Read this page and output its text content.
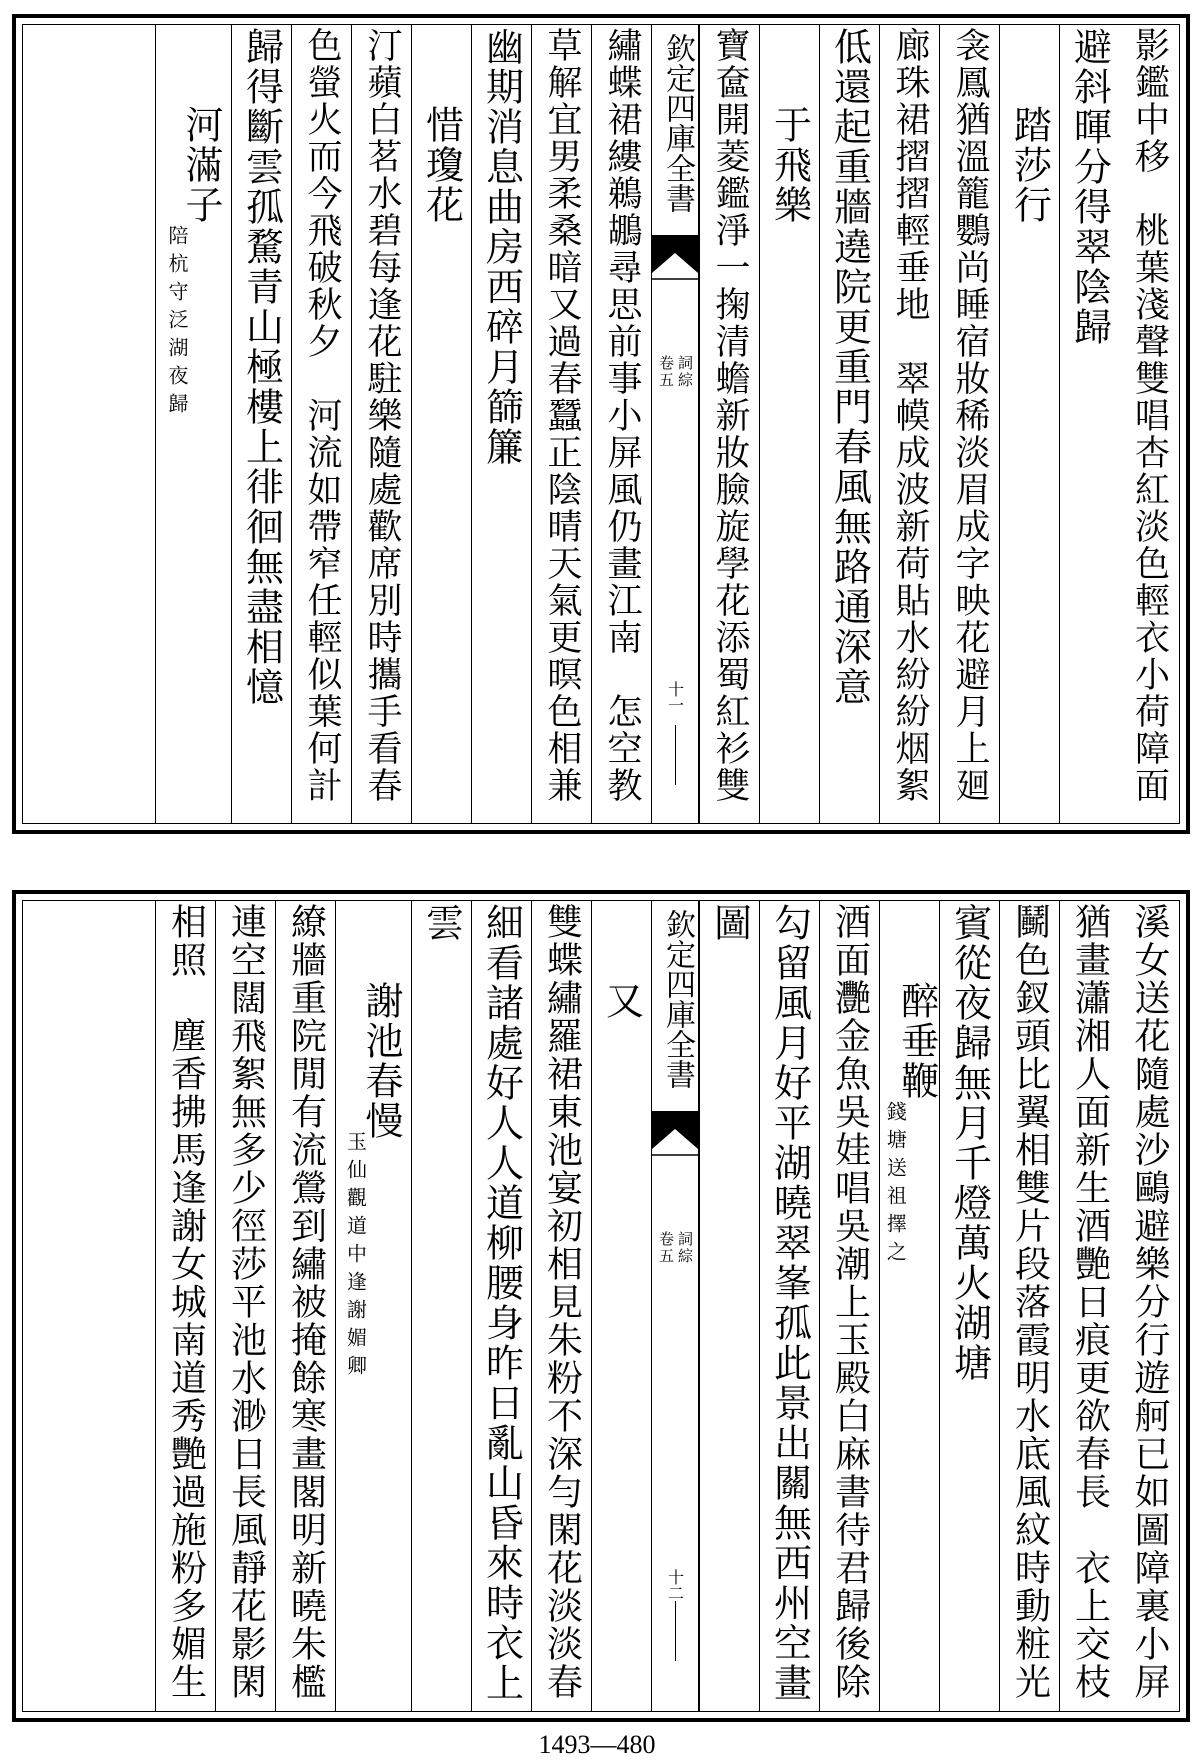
影鑑中移　桃葉淺聲雙唱杏紅淡色輕衣小荷障面
避斜暉分得翠陰歸
踏莎行
衾鳳猶溫籠鸚尚睡宿妝稀淡眉成字映花避月上廻
廊珠裙摺摺輕垂地　翠幙成波新荷貼水紛紛烟絮
低還起重牆遶院更重門春風無路通深意
于飛樂
寶奩開菱鑑淨一掬清蟾新妝臉旋學花添蜀紅衫雙
欽定四庫全書
詞綜
卷五
十一
繡蝶裙縷鵜鶘尋思前事小屏風仍畫江南　怎空教
草解宜男柔桑暗又過春蠶正陰晴天氣更暝色相兼
幽期消息曲房西碎月篩簾
惜瓊花
汀蘋白茗水碧每逢花駐樂隨處歡席別時攜手看春
色螢火而今飛破秋夕　河流如帶窄任輕似葉何計
歸得斷雲孤騖青山極樓上徘徊無盡相憶
河滿子
陪杭守泛湖夜歸
溪女送花隨處沙鷗避樂分行遊舸已如圖障裏小屏
猶畫瀟湘人面新生酒艷日痕更欲春長　衣上交枝
鬭色釵頭比翼相雙片段落霞明水底風紋時動粧光
賓從夜歸無月千燈萬火湖塘
醉垂鞭
錢塘送祖擇之
酒面灧金魚吳娃唱吳潮上玉殿白麻書待君歸後除
勾留風月好平湖曉翠峯孤此景出關無西州空畫
圖
欽定四庫全書
詞綜
卷五
十二
又
雙蝶繡羅裙東池宴初相見朱粉不深勻閑花淡淡春
細看諸處好人人道柳腰身昨日亂山昏來時衣上
雲
謝池春慢
玉仙觀道中逢謝媚卿
繚牆重院閒有流鶯到繡被掩餘寒畫閣明新曉朱檻
連空闊飛絮無多少徑莎平池水渺日長風靜花影閑
相照　塵香拂馬逢謝女城南道秀艷過施粉多媚生
1493—480
